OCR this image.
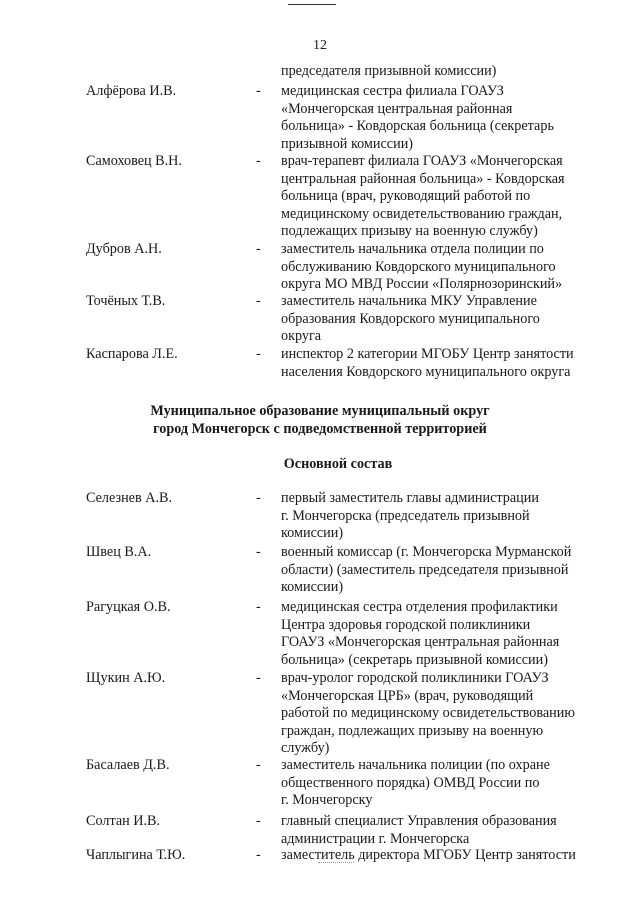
12
председателя призывной комиссии)
Алфёрова И.В.	- медицинская сестра филиала ГОАУЗ
«Мончегорская центральная районная
больница» - Ковдорская больница (секретарь
призывной комиссии)
Самоховец В.Н.	- врач-терапевт филиала ГОАУЗ «Мончегорская
центральная районная больница» - Ковдорская
больница (врач, руководящий работой по
медицинскому освидетельствованию граждан,
подлежащих призыву на военную службу)
Дубров А.Н.	- заместитель начальника отдела полиции по
обслуживанию Ковдорского муниципального
округа МО МВД России «Полярнозоринский»
Точёных Т.В.	- заместитель начальника МКУ Управление
образования Ковдорского муниципального
округа
Каспарова Л.Е.	- инспектор 2 категории МГОБУ Центр занятости
населения Ковдорского муниципального округа
Муниципальное образование муниципальный округ
город Мончегорск с подведомственной территорией
Основной состав
Селезнев А.В.	- первый заместитель главы администрации
г. Мончегорска (председатель призывной
комиссии)
Швец В.А.	- военный комиссар (г. Мончегорска Мурманской
области) (заместитель председателя призывной
комиссии)
Рагуцкая О.В.	- медицинская сестра отделения профилактики
Центра здоровья городской поликлиники
ГОАУЗ «Мончегорская центральная районная
больница» (секретарь призывной комиссии)
Щукин А.Ю.	- врач-уролог городской поликлиники ГОАУЗ
«Мончегорская ЦРБ» (врач, руководящий
работой по медицинскому освидетельствованию
граждан, подлежащих призыву на военную
службу)
Басалаев Д.В.	- заместитель начальника полиции (по охране
общественного порядка) ОМВД России по
г. Мончегорску
Солтан И.В.	- главный специалист Управления образования
администрации г. Мончегорска
Чаплыгина Т.Ю.	- заместитель директора МГОБУ Центр занятости
